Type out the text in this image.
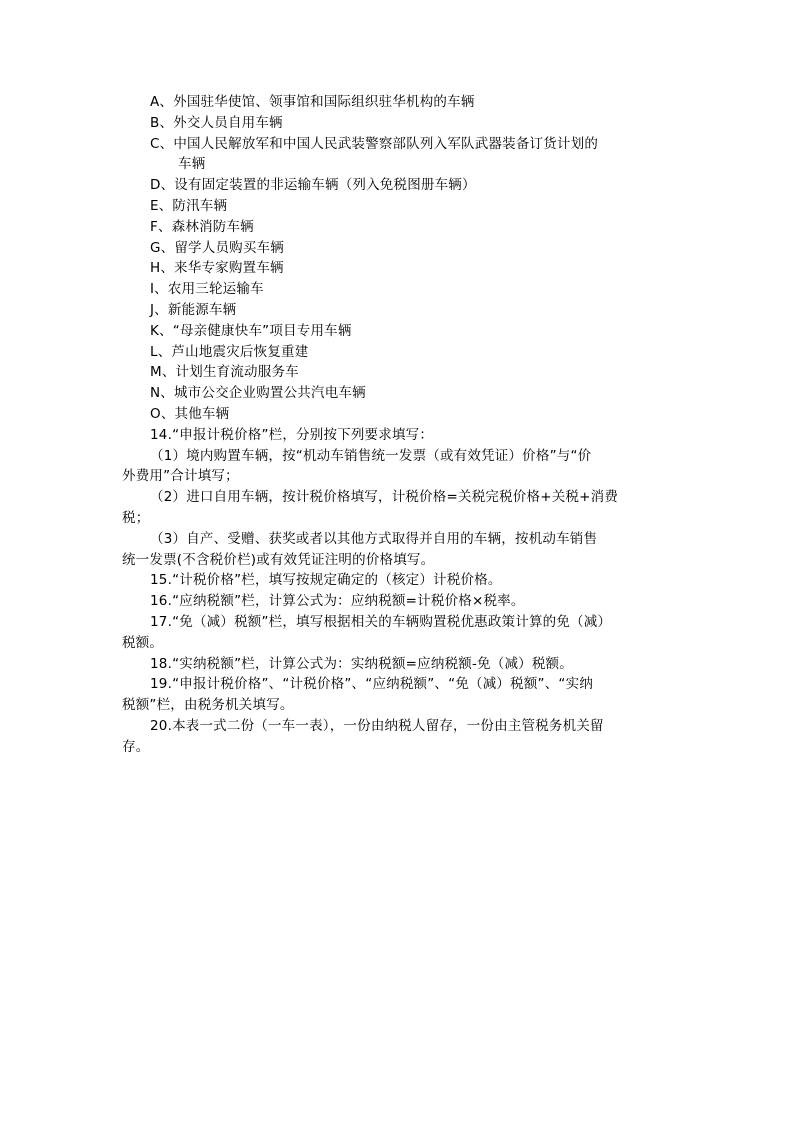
A、外国驻华使馆、领事馆和国际组织驻华机构的车辆
B、外交人员自用车辆
C、中国人民解放军和中国人民武装警察部队列入军队武器装备订货计划的
车辆
D、设有固定装置的非运输车辆（列入免税图册车辆）
E、防汛车辆
F、森林消防车辆
G、留学人员购买车辆
H、来华专家购置车辆
I、农用三轮运输车
J、新能源车辆
K、“母亲健康快车”项目专用车辆
L、芦山地震灾后恢复重建
M、计划生育流动服务车
N、城市公交企业购置公共汽电车辆
O、其他车辆
14.“申报计税价格”栏，分别按下列要求填写：
（1）境内购置车辆，按“机动车销售统一发票（或有效凭证）价格”与“价
外费用”合计填写；
（2）进口自用车辆，按计税价格填写，计税价格=关税完税价格+关税+消费
税；
（3）自产、受赠、获奖或者以其他方式取得并自用的车辆，按机动车销售
统一发票(不含税价栏)或有效凭证注明的价格填写。
15.“计税价格”栏，填写按规定确定的（核定）计税价格。
16.“应纳税额”栏，计算公式为：应纳税额=计税价格×税率。
17.“免（减）税额”栏，填写根据相关的车辆购置税优惠政策计算的免（减）
税额。
18.“实纳税额”栏，计算公式为：实纳税额=应纳税额-免（减）税额。
19.“申报计税价格”、“计税价格”、“应纳税额”、“免（减）税额”、“实纳
税额”栏，由税务机关填写。
20.本表一式二份（一车一表），一份由纳税人留存，一份由主管税务机关留
存。
